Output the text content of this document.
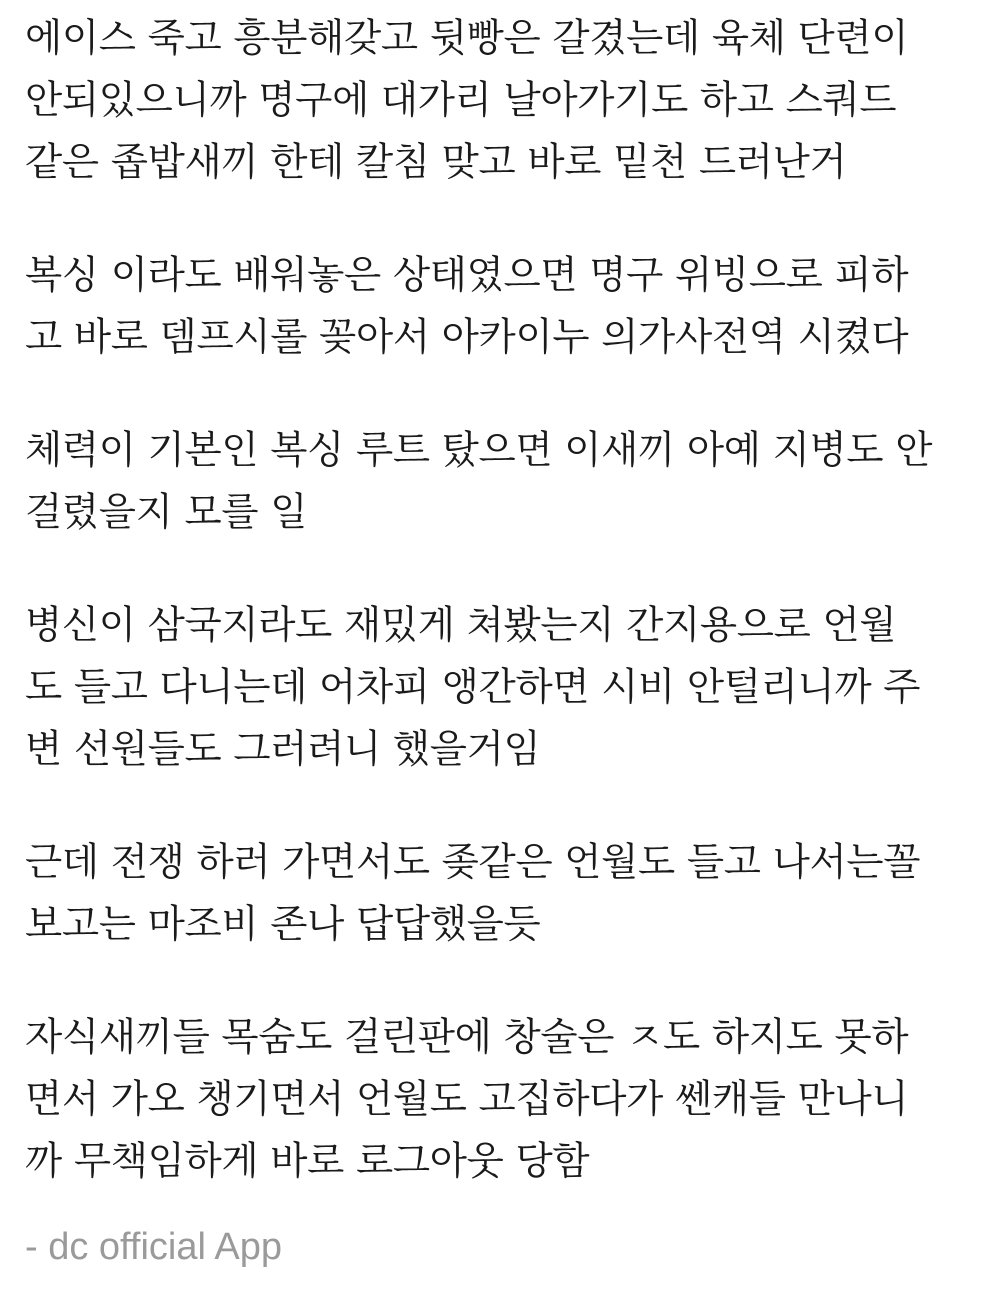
에이스 죽고 흥분해갖고 뒷빵은 갈겼는데 육체 단련이
안되있으니까 명구에 대가리 날아가기도 하고 스쿼드
같은 좁밥새끼 한테 칼침 맞고 바로 밑천 드러난거

복싱 이라도 배워놓은 상태였으면 명구 위빙으로 피하
고 바로 뎀프시롤 꽂아서 아카이누 의가사전역 시켰다

체력이 기본인 복싱 루트 탔으면 이새끼 아예 지병도 안
걸렸을지 모를 일

병신이 삼국지라도 재밌게 쳐봤는지 간지용으로 언월
도 들고 다니는데 어차피 앵간하면 시비 안털리니까 주
변 선원들도 그러려니 했을거임

근데 전쟁 하러 가면서도 좆같은 언월도 들고 나서는꼴
보고는 마조비 존나 답답했을듯

자식새끼들 목숨도 걸린판에 창술은 ㅈ도 하지도 못하
면서 가오 챙기면서 언월도 고집하다가 쎈캐들 만나니
까 무책임하게 바로 로그아웃 당함

- dc official App
